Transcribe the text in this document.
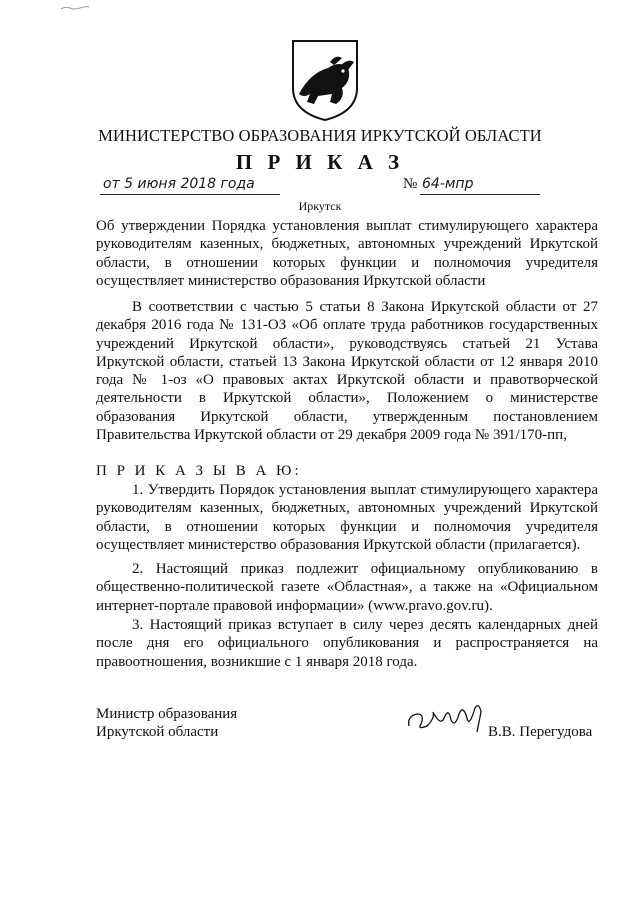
МИНИСТЕРСТВО ОБРАЗОВАНИЯ ИРКУТСКОЙ ОБЛАСТИ
П Р И К А З
от 5 июня 2018 года	№ 64-мпр
Иркутск
Об утверждении Порядка установления выплат стимулирующего характера руководителям казенных, бюджетных, автономных учреждений Иркутской области, в отношении которых функции и полномочия учредителя осуществляет министерство образования Иркутской области
В соответствии с частью 5 статьи 8 Закона Иркутской области от 27 декабря 2016 года № 131-ОЗ «Об оплате труда работников государственных учреждений Иркутской области», руководствуясь статьей 21 Устава Иркутской области, статьей 13 Закона Иркутской области от 12 января 2010 года № 1-оз «О правовых актах Иркутской области и правотворческой деятельности в Иркутской области», Положением о министерстве образования Иркутской области, утвержденным постановлением Правительства Иркутской области от 29 декабря 2009 года № 391/170-пп,
П Р И К А З Ы В А Ю:
1. Утвердить Порядок установления выплат стимулирующего характера руководителям казенных, бюджетных, автономных учреждений Иркутской области, в отношении которых функции и полномочия учредителя осуществляет министерство образования Иркутской области (прилагается).
2. Настоящий приказ подлежит официальному опубликованию в общественно-политической газете «Областная», а также на «Официальном интернет-портале правовой информации» (www.pravo.gov.ru).
3. Настоящий приказ вступает в силу через десять календарных дней после дня его официального опубликования и распространяется на правоотношения, возникшие с 1 января 2018 года.
Министр образования
Иркутской области	В.В. Перегудова
